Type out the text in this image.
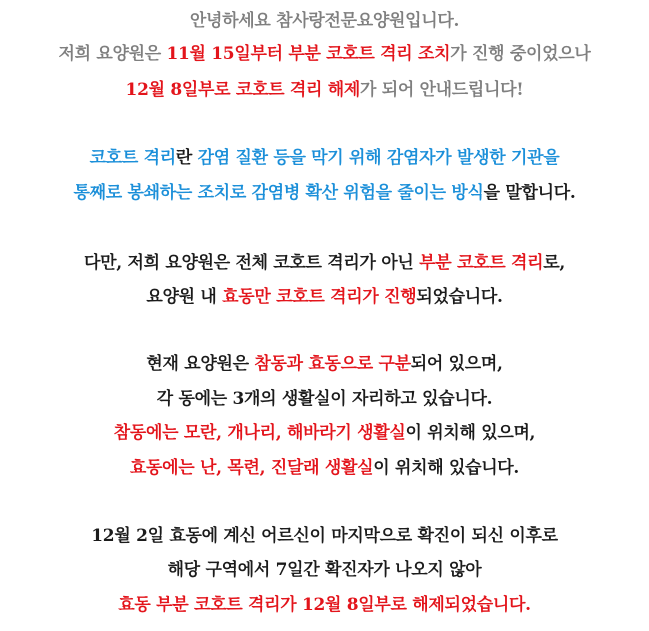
안녕하세요 참사랑전문요양원입니다.
저희 요양원은 11월 15일부터 부분 코호트 격리 조치가 진행 중이었으나
12월 8일부로 코호트 격리 해제가 되어 안내드립니다!
코호트 격리란 감염 질환 등을 막기 위해 감염자가 발생한 기관을
통째로 봉쇄하는 조치로 감염병 확산 위험을 줄이는 방식을 말합니다.
다만, 저희 요양원은 전체 코호트 격리가 아닌 부분 코호트 격리로,
요양원 내 효동만 코호트 격리가 진행되었습니다.
현재 요양원은 참동과 효동으로 구분되어 있으며,
각 동에는 3개의 생활실이 자리하고 있습니다.
참동에는 모란, 개나리, 해바라기 생활실이 위치해 있으며,
효동에는 난, 목련, 진달래 생활실이 위치해 있습니다.
12월 2일 효동에 계신 어르신이 마지막으로 확진이 되신 이후로
해당 구역에서 7일간 확진자가 나오지 않아
효동 부분 코호트 격리가 12월 8일부로 해제되었습니다.
